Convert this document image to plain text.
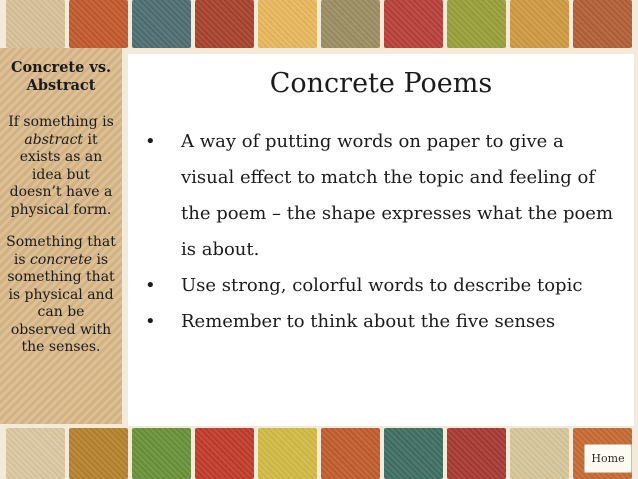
Concrete vs. Abstract
If something is abstract it exists as an idea but doesn’t have a physical form.
Something that is concrete is something that is physical and can be observed with the senses.
Concrete Poems
• A way of putting words on paper to give a visual effect to match the topic and feeling of the poem – the shape expresses what the poem is about.
• Use strong, colorful words to describe topic
• Remember to think about the five senses
Home
